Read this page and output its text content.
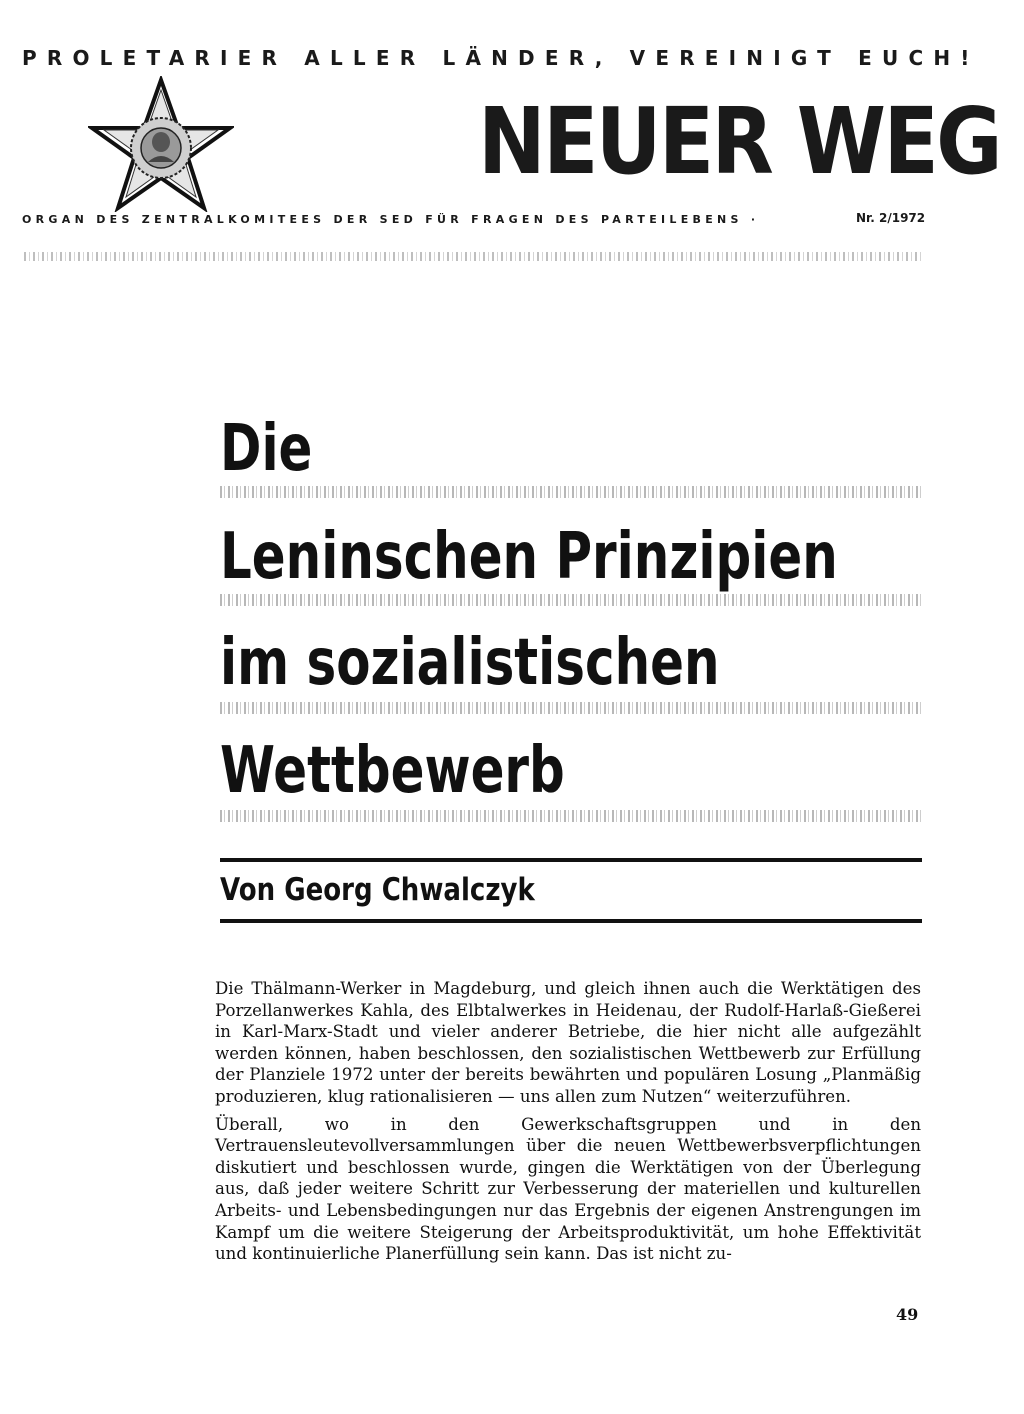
PROLETARIER ALLER LÄNDER, VEREINIGT EUCH!
NEUER WEG
ORGAN DES ZENTRALKOMITEES DER SED FÜR FRAGEN DES PARTEILEBENS ·	Nr. 2/1972
Die
Leninschen Prinzipien
im sozialistischen
Wettbewerb
Von Georg Chwalczyk

Die Thälmann-Werker in Magdeburg, und gleich ihnen auch die Werktätigen des Porzellanwerkes Kahla, des Elbtalwerkes in Heidenau, der Rudolf-Harlaß-Gießerei in Karl-Marx-Stadt und vieler anderer Betriebe, die hier nicht alle aufgezählt werden können, haben beschlossen, den sozialistischen Wettbewerb zur Erfüllung der Planziele 1972 unter der bereits bewährten und populären Losung „Planmäßig produzieren, klug rationalisieren — uns allen zum Nutzen“ weiterzuführen.

Überall, wo in den Gewerkschaftsgruppen und in den Vertrauensleutevollversammlungen über die neuen Wettbewerbsverpflichtungen diskutiert und beschlossen wurde, gingen die Werktätigen von der Überlegung aus, daß jeder weitere Schritt zur Verbesserung der materiellen und kulturellen Arbeits- und Lebensbedingungen nur das Ergebnis der eigenen Anstrengungen im Kampf um die weitere Steigerung der Arbeitsproduktivität, um hohe Effektivität und kontinuierliche Planerfüllung sein kann. Das ist nicht zu-

49
